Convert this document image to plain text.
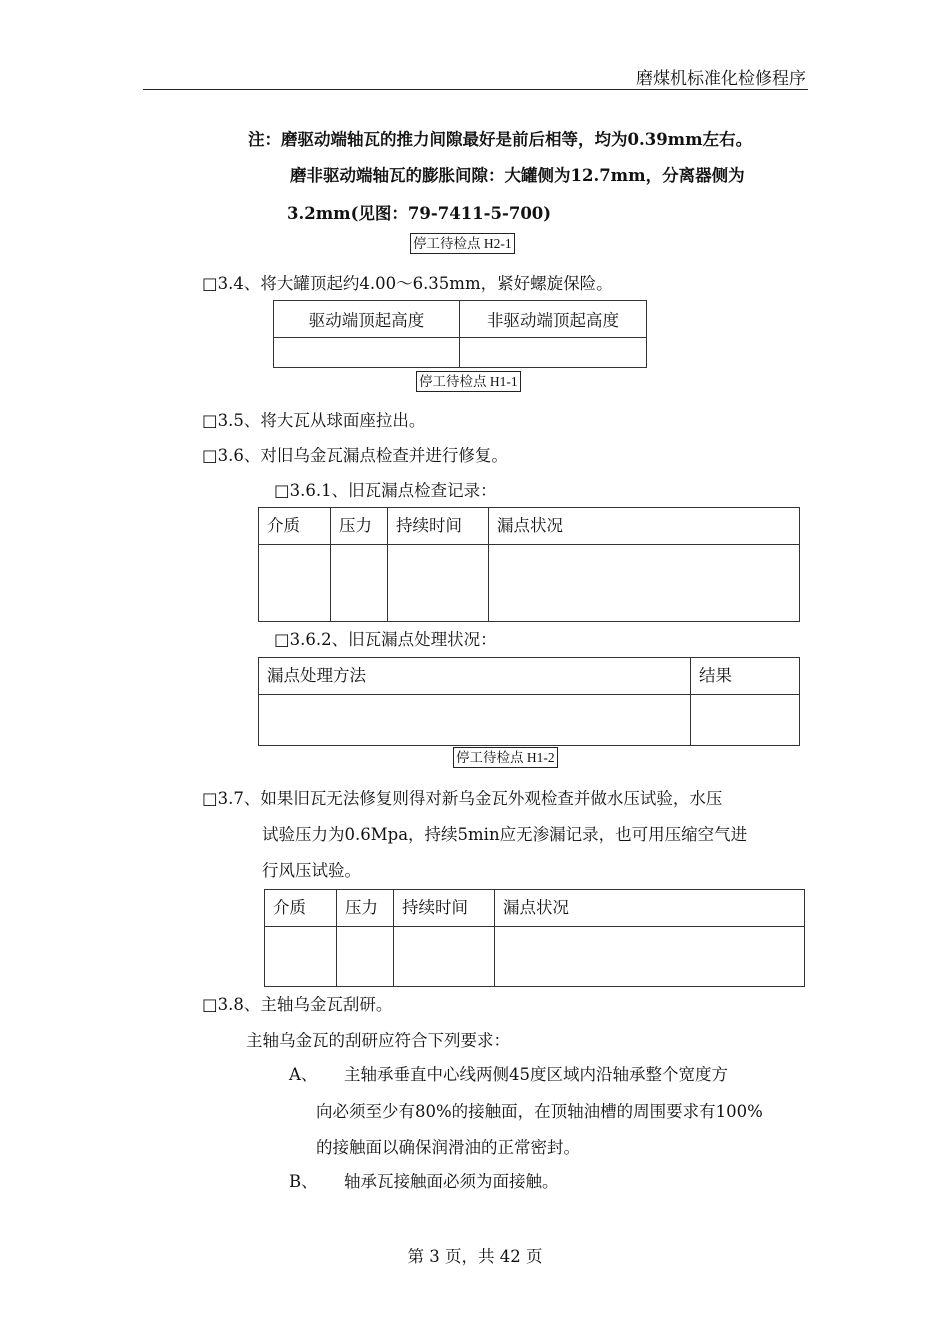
磨煤机标准化检修程序
注：磨驱动端轴瓦的推力间隙最好是前后相等，均为0.39mm左右。
磨非驱动端轴瓦的膨胀间隙：大罐侧为12.7mm，分离器侧为
3.2mm(见图：79-7411-5-700)
停工待检点 H2-1
□3.4、将大罐顶起约4.00～6.35mm，紧好螺旋保险。
驱动端顶起高度	非驱动端顶起高度

停工待检点 H1-1
□3.5、将大瓦从球面座拉出。
□3.6、对旧乌金瓦漏点检查并进行修复。
□3.6.1、旧瓦漏点检查记录：
介质	压力	持续时间	漏点状况

□3.6.2、旧瓦漏点处理状况：
漏点处理方法	结果

停工待检点 H1-2
□3.7、如果旧瓦无法修复则得对新乌金瓦外观检查并做水压试验，水压
试验压力为0.6Mpa，持续5min应无渗漏记录，也可用压缩空气进
行风压试验。
介质	压力	持续时间	漏点状况

□3.8、主轴乌金瓦刮研。
主轴乌金瓦的刮研应符合下列要求：
A、 主轴承垂直中心线两侧45度区域内沿轴承整个宽度方
向必须至少有80%的接触面，在顶轴油槽的周围要求有100%
的接触面以确保润滑油的正常密封。
B、 轴承瓦接触面必须为面接触。
第 3 页，共 42 页
